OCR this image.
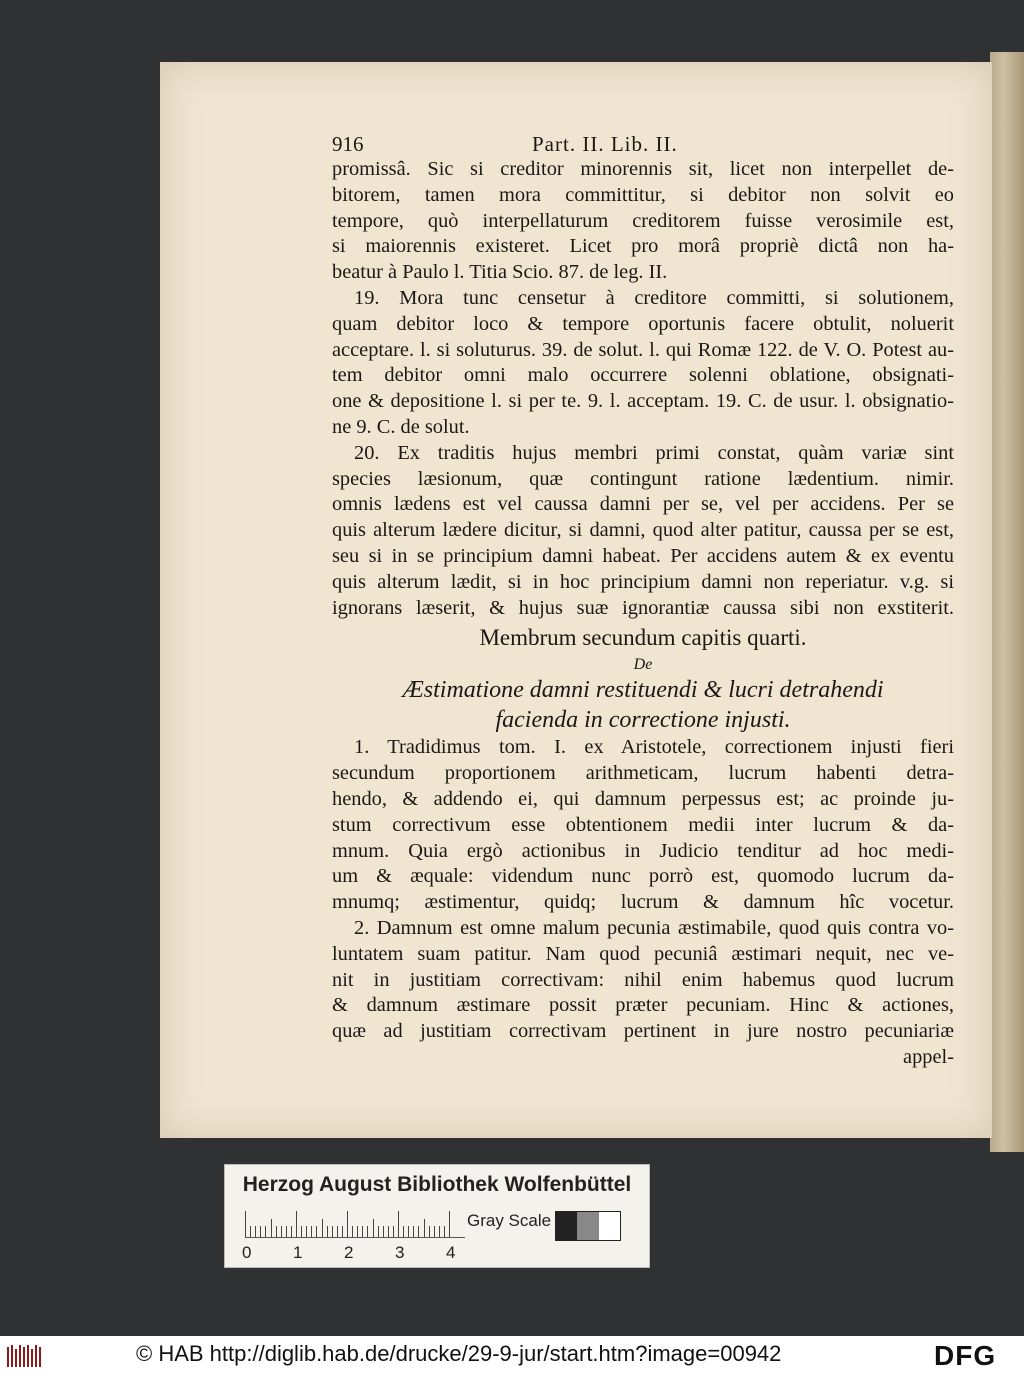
916	Part. II. Lib. II.
promissâ. Sic si creditor minorennis sit, licet non interpellet de-
bitorem, tamen mora committitur, si debitor non solvit eo
tempore, quò interpellaturum creditorem fuisse verosimile est,
si maiorennis existeret. Licet pro morâ propriè dictâ non ha-
beatur à Paulo l. Titia Scio. 87. de leg. II.
19. Mora tunc censetur à creditore committi, si solutionem,
quam debitor loco & tempore oportunis facere obtulit, noluerit
acceptare. l. si soluturus. 39. de solut. l. qui Romæ 122. de V. O. Potest au-
tem debitor omni malo occurrere solenni oblatione, obsignati-
one & depositione l. si per te. 9. l. acceptam. 19. C. de usur. l. obsignatio-
ne 9. C. de solut.
20. Ex traditis hujus membri primi constat, quàm variæ sint
species læsionum, quæ contingunt ratione lædentium. nimir.
omnis lædens est vel caussa damni per se, vel per accidens. Per se
quis alterum lædere dicitur, si damni, quod alter patitur, caussa per se est,
seu si in se principium damni habeat. Per accidens autem & ex eventu
quis alterum lædit, si in hoc principium damni non reperiatur. v.g. si
ignorans læserit, & hujus suæ ignorantiæ caussa sibi non exstiterit.
Membrum secundum capitis quarti.
De
Æstimatione damni restituendi & lucri detrahendi
facienda in correctione injusti.
1. Tradidimus tom. I. ex Aristotele, correctionem injusti fieri
secundum proportionem arithmeticam, lucrum habenti detra-
hendo, & addendo ei, qui damnum perpessus est; ac proinde ju-
stum correctivum esse obtentionem medii inter lucrum & da-
mnum. Quia ergò actionibus in Judicio tenditur ad hoc medi-
um & æquale: videndum nunc porrò est, quomodo lucrum da-
mnumq; æstimentur, quidq; lucrum & damnum hîc vocetur.
2. Damnum est omne malum pecunia æstimabile, quod quis contra vo-
luntatem suam patitur. Nam quod pecuniâ æstimari nequit, nec ve-
nit in justitiam correctivam: nihil enim habemus quod lucrum
& damnum æstimare possit præter pecuniam. Hinc & actiones,
quæ ad justitiam correctivam pertinent in jure nostro pecuniariæ
appel-
Herzog August Bibliothek Wolfenbüttel
0 1 2 3 4
Gray Scale
© HAB http://diglib.hab.de/drucke/29-9-jur/start.htm?image=00942	DFG
